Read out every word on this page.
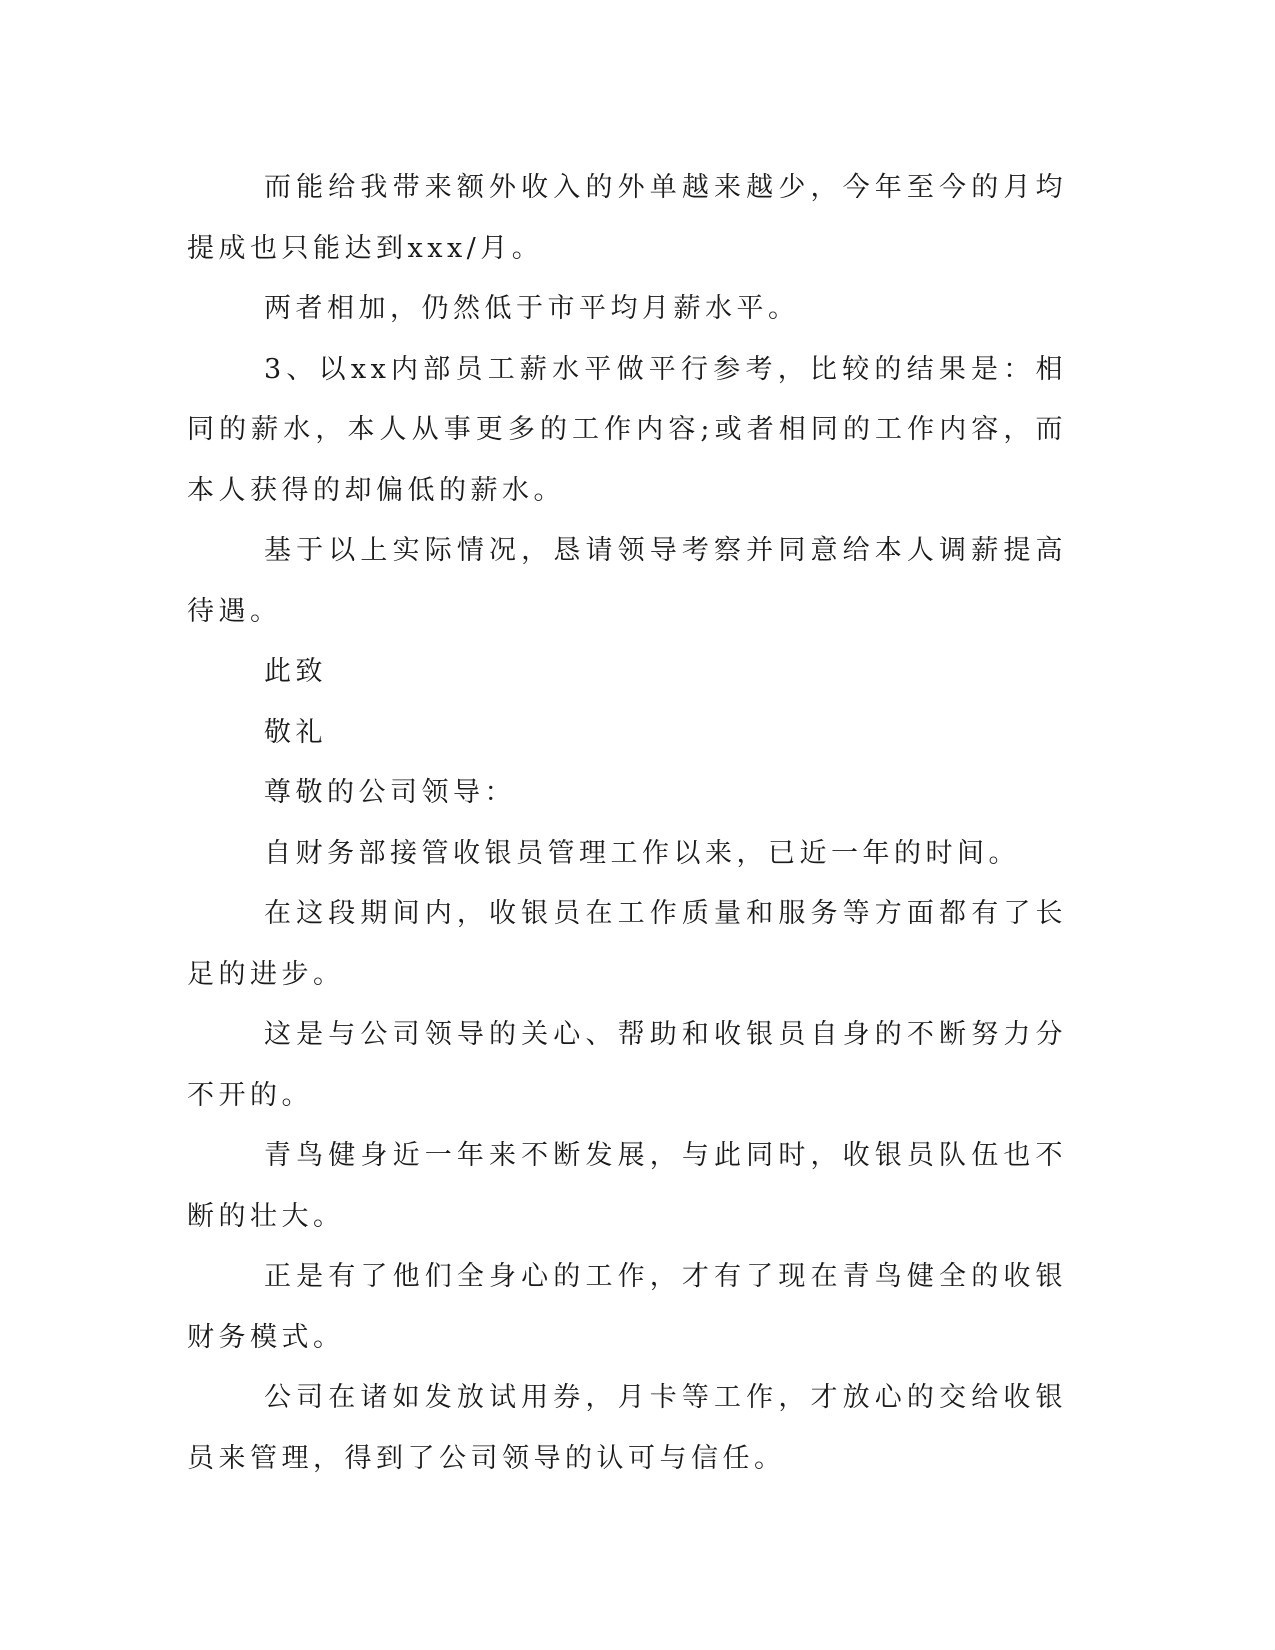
而能给我带来额外收入的外单越来越少，今年至今的月均提成也只能达到xxx/月。

两者相加，仍然低于市平均月薪水平。

3、以xx内部员工薪水平做平行参考，比较的结果是：相同的薪水，本人从事更多的工作内容;或者相同的工作内容，而本人获得的却偏低的薪水。

基于以上实际情况，恳请领导考察并同意给本人调薪提高待遇。

此致

敬礼

尊敬的公司领导：

自财务部接管收银员管理工作以来，已近一年的时间。

在这段期间内，收银员在工作质量和服务等方面都有了长足的进步。

这是与公司领导的关心、帮助和收银员自身的不断努力分不开的。

青鸟健身近一年来不断发展，与此同时，收银员队伍也不断的壮大。

正是有了他们全身心的工作，才有了现在青鸟健全的收银财务模式。

公司在诸如发放试用券，月卡等工作，才放心的交给收银员来管理，得到了公司领导的认可与信任。
